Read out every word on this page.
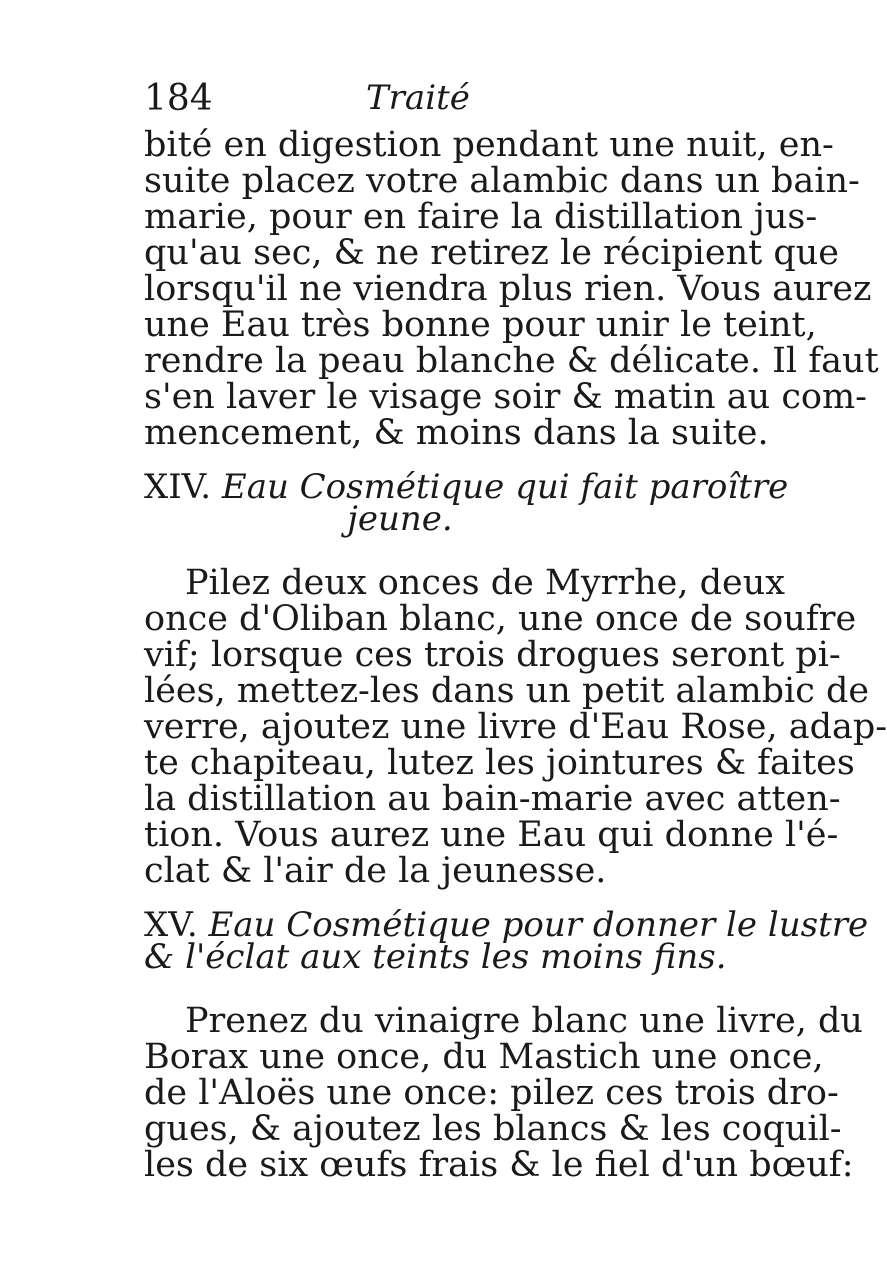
184	Traité
bité en digestion pendant une nuit, en-
suite placez votre alambic dans un bain-
marie, pour en faire la distillation jus-
qu'au sec, & ne retirez le récipient que
lorsqu'il ne viendra plus rien. Vous aurez
une Eau très bonne pour unir le teint,
rendre la peau blanche & délicate. Il faut
s'en laver le visage soir & matin au com-
mencement, & moins dans la suite.
XIV. Eau Cosmétique qui fait paroître
jeune.
Pilez deux onces de Myrrhe, deux
once d'Oliban blanc, une once de soufre
vif; lorsque ces trois drogues seront pi-
lées, mettez-les dans un petit alambic de
verre, ajoutez une livre d'Eau Rose, adap-
te chapiteau, lutez les jointures & faites
la distillation au bain-marie avec atten-
tion. Vous aurez une Eau qui donne l'é-
clat & l'air de la jeunesse.
XV. Eau Cosmétique pour donner le lustre
& l'éclat aux teints les moins fins.
Prenez du vinaigre blanc une livre, du
Borax une once, du Mastich une once,
de l'Aloës une once: pilez ces trois dro-
gues, & ajoutez les blancs & les coquil-
les de six œufs frais & le fiel d'un bœuf:
